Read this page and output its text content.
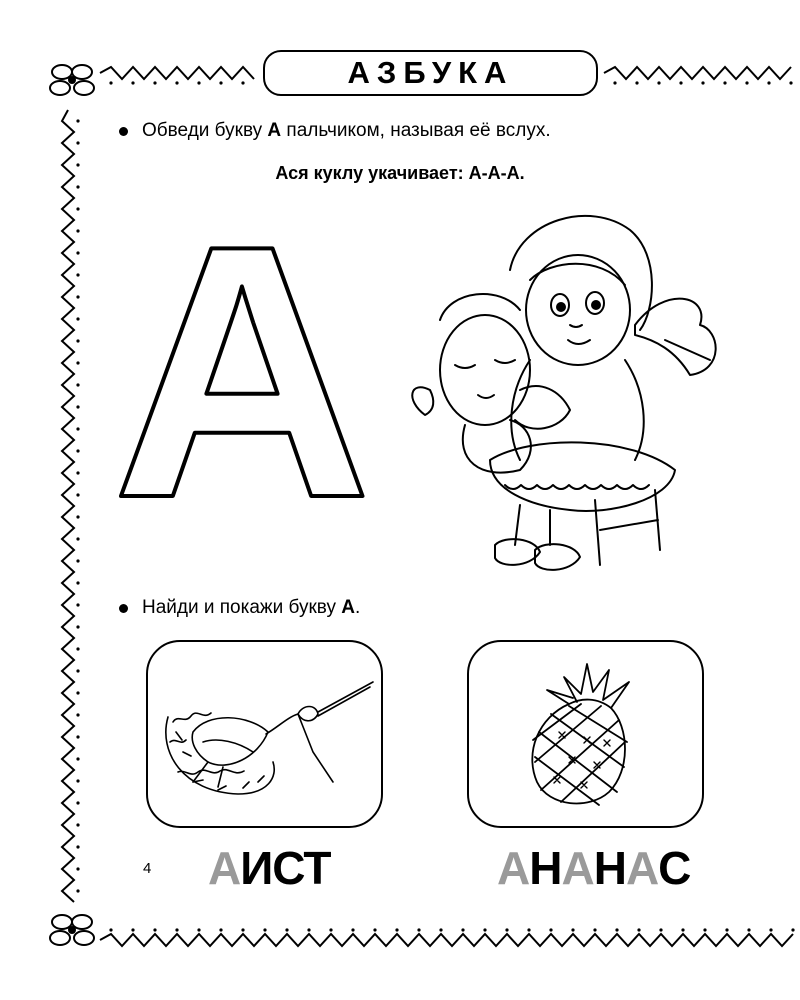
АЗБУКА
Обведи букву А пальчиком, называя её вслух.
Ася куклу укачивает: А-А-А.
А
Найди и покажи букву А .
А ИСТ	А Н А Н А С
4
